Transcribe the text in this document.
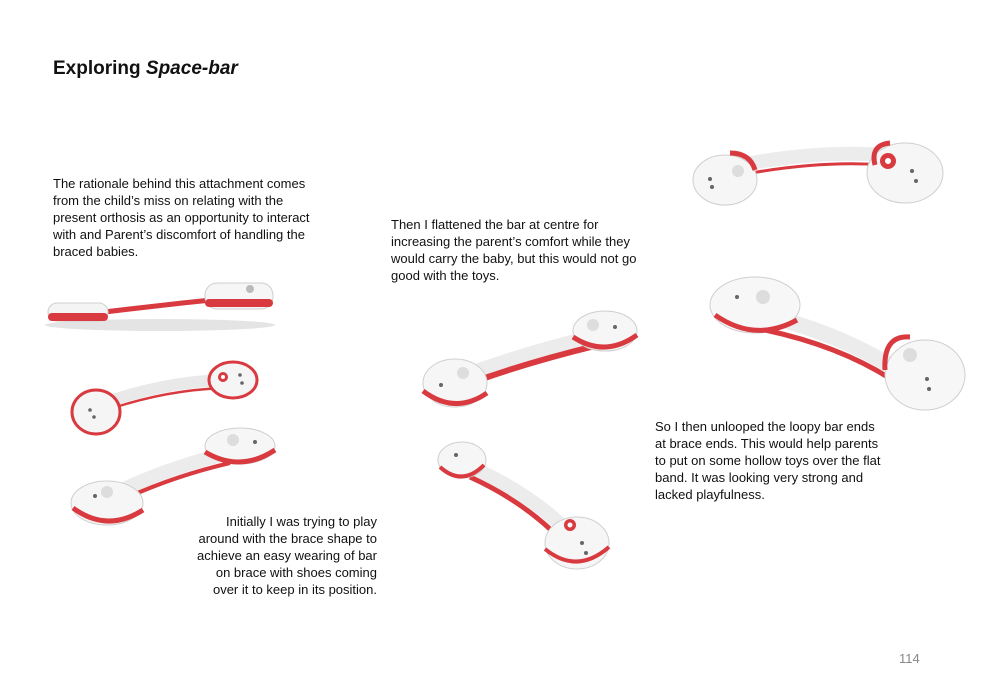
Exploring Space-bar
The rationale behind this attachment comes from the child’s miss on relating with the present orthosis as an opportunity to interact with and Parent’s discomfort of handling the braced babies.
Then I flattened the bar at centre for increasing the parent’s comfort while they would carry the baby, but this would not go good with the toys.
Initially I was trying to play around with the brace shape to achieve an easy wearing of bar on brace with shoes coming over it to keep in its position.
So I then unlooped the loopy bar ends at brace ends. This would help parents to put on some hollow toys over the flat band. It was looking very strong and lacked playfulness.
114
